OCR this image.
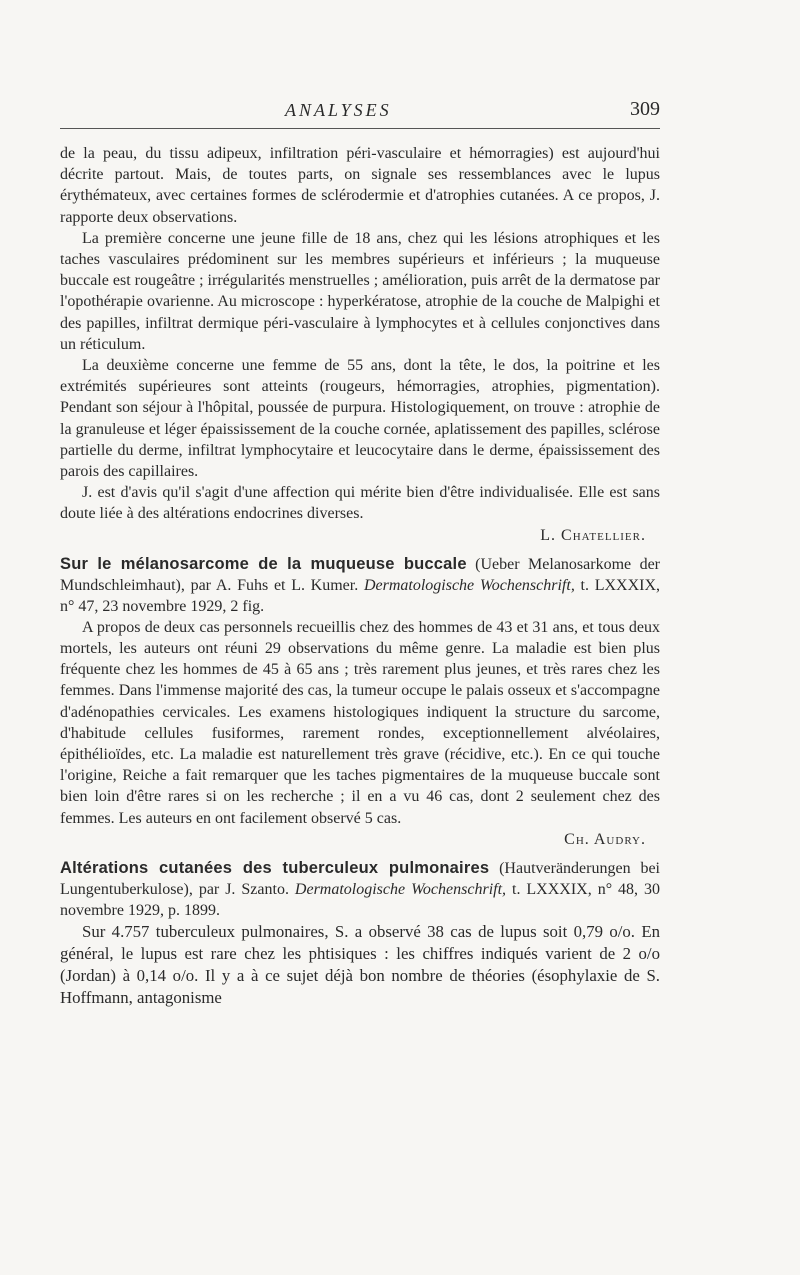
ANALYSES	309

de la peau, du tissu adipeux, infiltration péri-vasculaire et hémorragies) est aujourd'hui décrite partout. Mais, de toutes parts, on signale ses ressemblances avec le lupus érythémateux, avec certaines formes de sclérodermie et d'atrophies cutanées. A ce propos, J. rapporte deux observations.

La première concerne une jeune fille de 18 ans, chez qui les lésions atrophiques et les taches vasculaires prédominent sur les membres supérieurs et inférieurs ; la muqueuse buccale est rougeâtre ; irrégularités menstruelles ; amélioration, puis arrêt de la dermatose par l'opothérapie ovarienne. Au microscope : hyperkératose, atrophie de la couche de Malpighi et des papilles, infiltrat dermique péri-vasculaire à lymphocytes et à cellules conjonctives dans un réticulum.

La deuxième concerne une femme de 55 ans, dont la tête, le dos, la poitrine et les extrémités supérieures sont atteints (rougeurs, hémorragies, atrophies, pigmentation). Pendant son séjour à l'hôpital, poussée de purpura. Histologiquement, on trouve : atrophie de la granuleuse et léger épaississement de la couche cornée, aplatissement des papilles, sclérose partielle du derme, infiltrat lymphocytaire et leucocytaire dans le derme, épaississement des parois des capillaires.

J. est d'avis qu'il s'agit d'une affection qui mérite bien d'être individualisée. Elle est sans doute liée à des altérations endocrines diverses.

L. Chatellier.

Sur le mélanosarcome de la muqueuse buccale (Ueber Melanosarkome der Mundschleimhaut), par A. Fuhs et L. Kumer. Dermatologische Wochenschrift, t. LXXXIX, n° 47, 23 novembre 1929, 2 fig.

A propos de deux cas personnels recueillis chez des hommes de 43 et 31 ans, et tous deux mortels, les auteurs ont réuni 29 observations du même genre. La maladie est bien plus fréquente chez les hommes de 45 à 65 ans ; très rarement plus jeunes, et très rares chez les femmes. Dans l'immense majorité des cas, la tumeur occupe le palais osseux et s'accompagne d'adénopathies cervicales. Les examens histologiques indiquent la structure du sarcome, d'habitude cellules fusiformes, rarement rondes, exceptionnellement alvéolaires, épithélioïdes, etc. La maladie est naturellement très grave (récidive, etc.). En ce qui touche l'origine, Reiche a fait remarquer que les taches pigmentaires de la muqueuse buccale sont bien loin d'être rares si on les recherche ; il en a vu 46 cas, dont 2 seulement chez des femmes. Les auteurs en ont facilement observé 5 cas.

Ch. Audry.

Altérations cutanées des tuberculeux pulmonaires (Hautveränderungen bei Lungentuberkulose), par J. Szanto. Dermatologische Wochenschrift, t. LXXXIX, n° 48, 30 novembre 1929, p. 1899.

Sur 4.757 tuberculeux pulmonaires, S. a observé 38 cas de lupus soit 0,79 o/o. En général, le lupus est rare chez les phtisiques : les chiffres indiqués varient de 2 o/o (Jordan) à 0,14 o/o. Il y a à ce sujet déjà bon nombre de théories (ésophylaxie de S. Hoffmann, antagonisme
